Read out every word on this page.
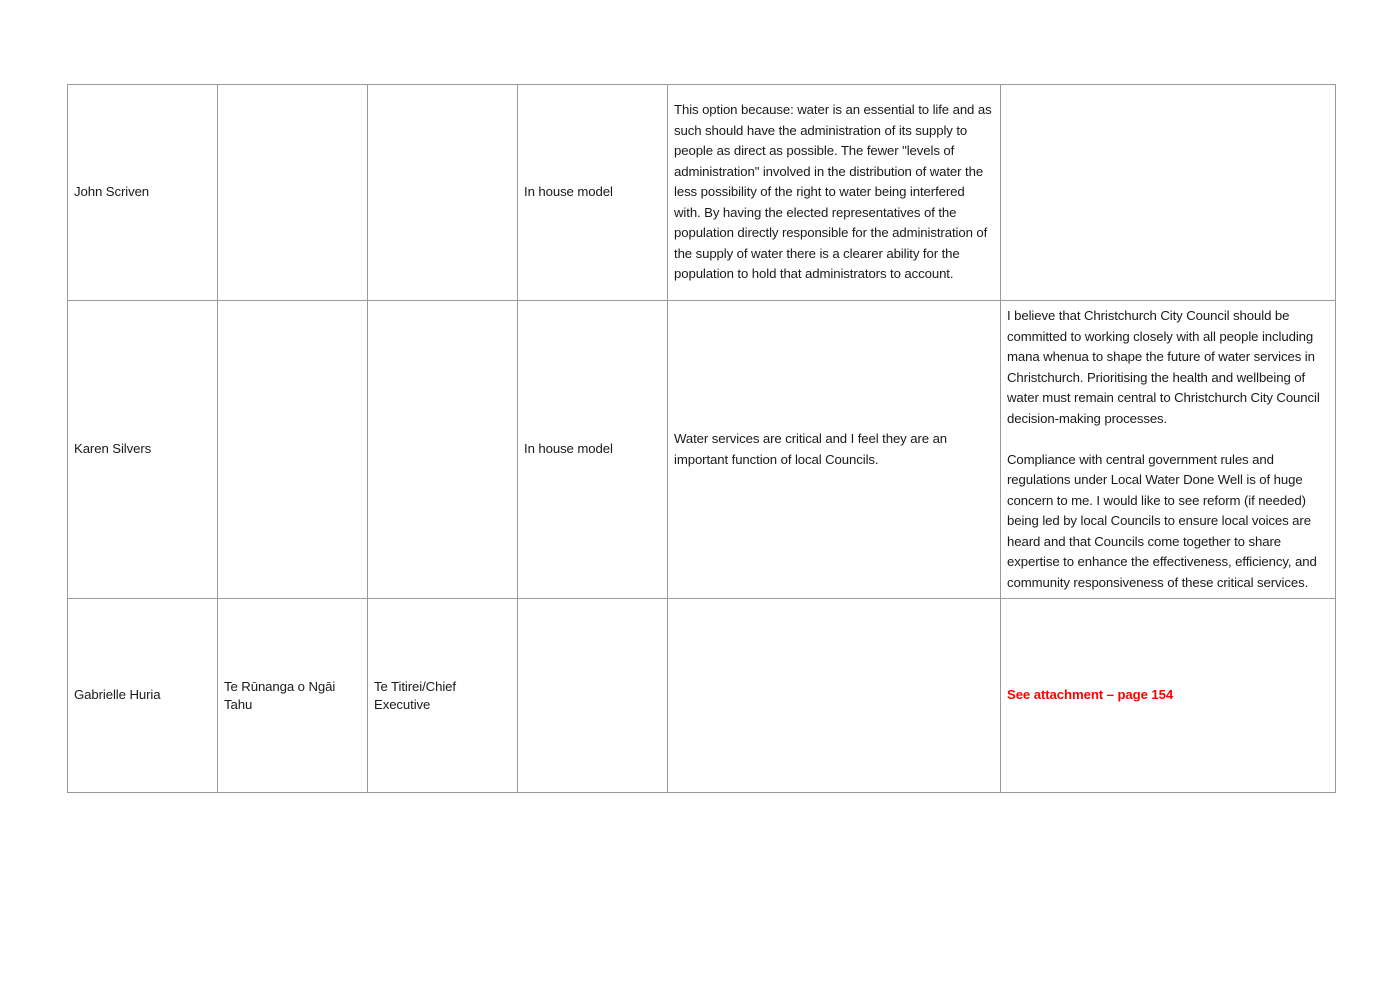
John Scriven			In house model	This option because: water is an essential to life and as such should have the administration of its supply to people as direct as possible. The fewer "levels of administration" involved in the distribution of water the less possibility of the right to water being interfered with. By having the elected representatives of the population directly responsible for the administration of the supply of water there is a clearer ability for the population to hold that administrators to account.	
Karen Silvers			In house model	Water services are critical and I feel they are an important function of local Councils.	I believe that Christchurch City Council should be committed to working closely with all people including mana whenua to shape the future of water services in Christchurch. Prioritising the health and wellbeing of water must remain central to Christchurch City Council decision-making processes.
Compliance with central government rules and regulations under Local Water Done Well is of huge concern to me. I would like to see reform (if needed) being led by local Councils to ensure local voices are heard and that Councils come together to share expertise to enhance the effectiveness, efficiency, and community responsiveness of these critical services.

Gabrielle Huria	Te Rūnanga o Ngāi Tahu	Te Titirei/Chief Executive			See attachment – page 154
